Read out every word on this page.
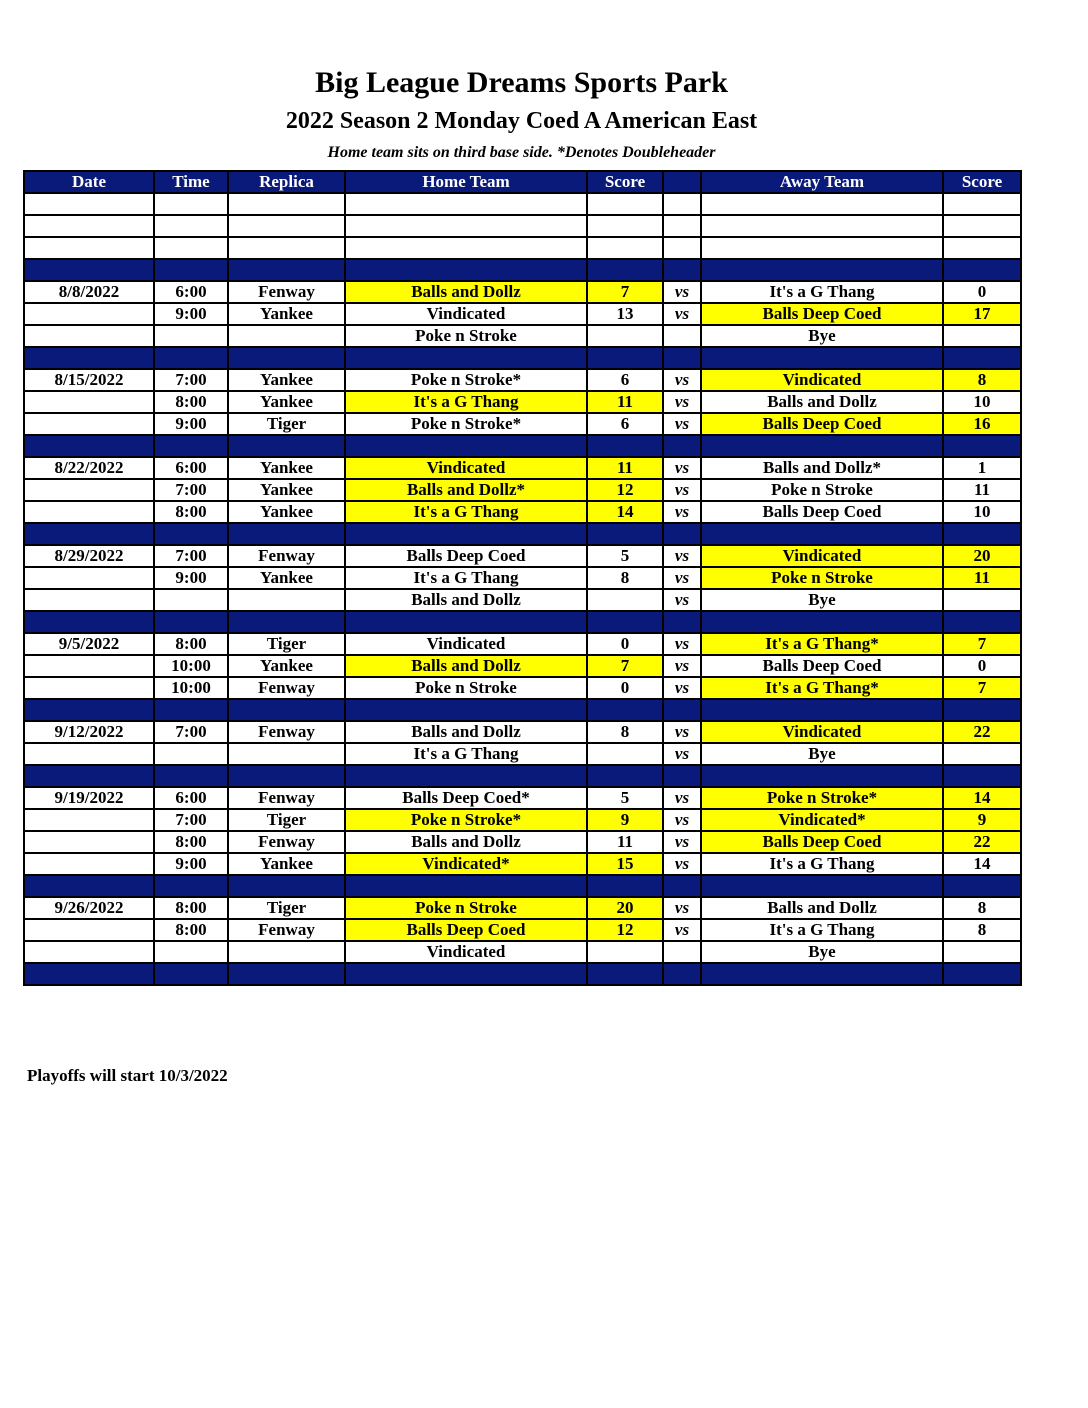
Big League Dreams Sports Park
2022 Season 2 Monday Coed A American East
Home team sits on third base side. *Denotes Doubleheader
Date	Time	Replica	Home Team	Score		Away Team	Score

8/8/2022	6:00	Fenway	Balls and Dollz	7	vs	It's a G Thang	0
	9:00	Yankee	Vindicated	13	vs	Balls Deep Coed	17
			Poke n Stroke			Bye	

8/15/2022	7:00	Yankee	Poke n Stroke*	6	vs	Vindicated	8
	8:00	Yankee	It's a G Thang	11	vs	Balls and Dollz	10
	9:00	Tiger	Poke n Stroke*	6	vs	Balls Deep Coed	16

8/22/2022	6:00	Yankee	Vindicated	11	vs	Balls and Dollz*	1
	7:00	Yankee	Balls and Dollz*	12	vs	Poke n Stroke	11
	8:00	Yankee	It's a G Thang	14	vs	Balls Deep Coed	10

8/29/2022	7:00	Fenway	Balls Deep Coed	5	vs	Vindicated	20
	9:00	Yankee	It's a G Thang	8	vs	Poke n Stroke	11
			Balls and Dollz		vs	Bye	

9/5/2022	8:00	Tiger	Vindicated	0	vs	It's a G Thang*	7
	10:00	Yankee	Balls and Dollz	7	vs	Balls Deep Coed	0
	10:00	Fenway	Poke n Stroke	0	vs	It's a G Thang*	7

9/12/2022	7:00	Fenway	Balls and Dollz	8	vs	Vindicated	22
			It's a G Thang		vs	Bye	

9/19/2022	6:00	Fenway	Balls Deep Coed*	5	vs	Poke n Stroke*	14
	7:00	Tiger	Poke n Stroke*	9	vs	Vindicated*	9
	8:00	Fenway	Balls and Dollz	11	vs	Balls Deep Coed	22
	9:00	Yankee	Vindicated*	15	vs	It's a G Thang	14

9/26/2022	8:00	Tiger	Poke n Stroke	20	vs	Balls and Dollz	8
	8:00	Fenway	Balls Deep Coed	12	vs	It's a G Thang	8
			Vindicated			Bye	

Playoffs will start 10/3/2022
